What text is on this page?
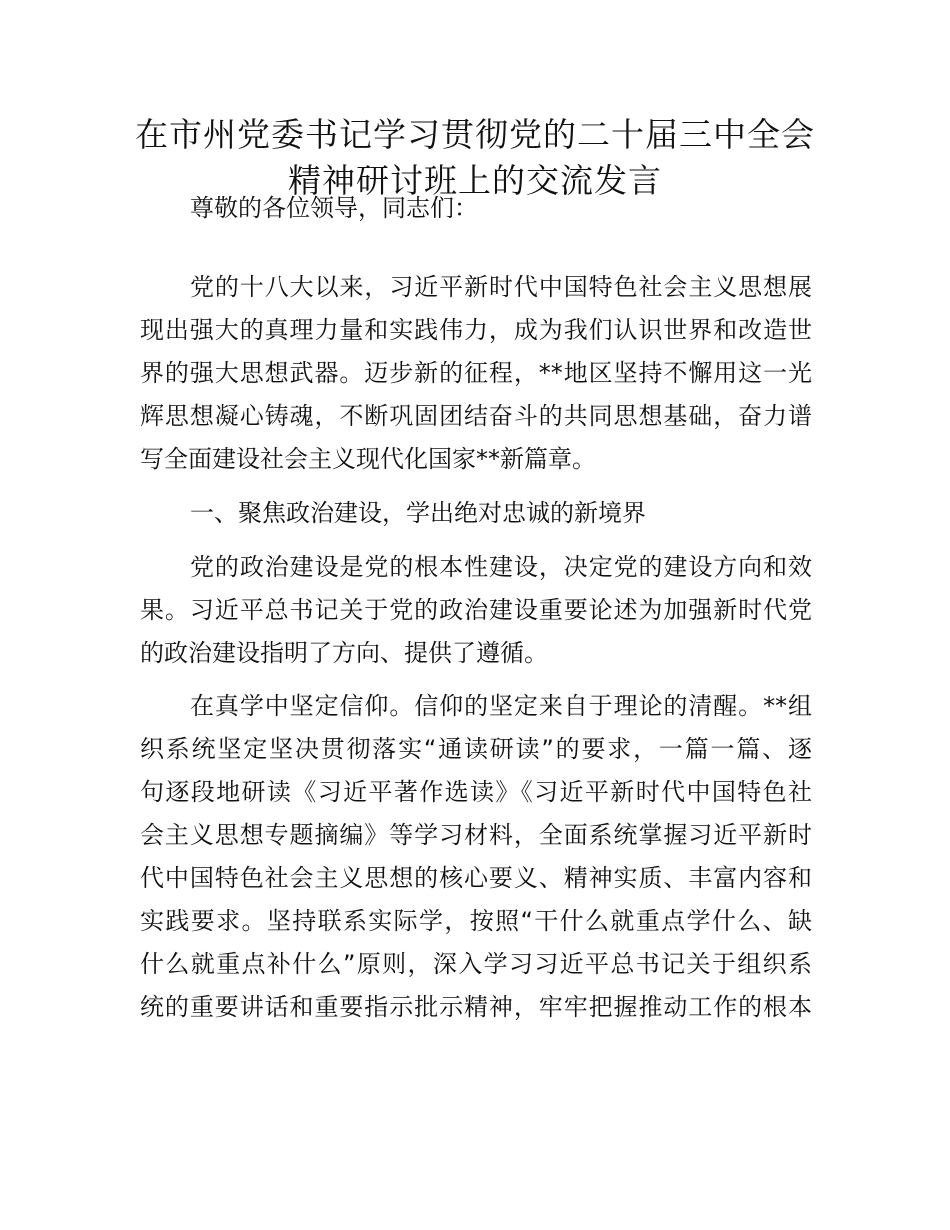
在市州党委书记学习贯彻党的二十届三中全会
精神研讨班上的交流发言
尊敬的各位领导，同志们：
党的十八大以来，习近平新时代中国特色社会主义思想展
现出强大的真理力量和实践伟力，成为我们认识世界和改造世
界的强大思想武器。迈步新的征程，**地区坚持不懈用这一光
辉思想凝心铸魂，不断巩固团结奋斗的共同思想基础，奋力谱
写全面建设社会主义现代化国家**新篇章。
一、聚焦政治建设，学出绝对忠诚的新境界
党的政治建设是党的根本性建设，决定党的建设方向和效
果。习近平总书记关于党的政治建设重要论述为加强新时代党
的政治建设指明了方向、提供了遵循。
在真学中坚定信仰。信仰的坚定来自于理论的清醒。**组
织系统坚定坚决贯彻落实“通读研读”的要求，一篇一篇、逐
句逐段地研读《习近平著作选读》《习近平新时代中国特色社
会主义思想专题摘编》等学习材料，全面系统掌握习近平新时
代中国特色社会主义思想的核心要义、精神实质、丰富内容和
实践要求。坚持联系实际学，按照“干什么就重点学什么、缺
什么就重点补什么”原则，深入学习习近平总书记关于组织系
统的重要讲话和重要指示批示精神，牢牢把握推动工作的根本
